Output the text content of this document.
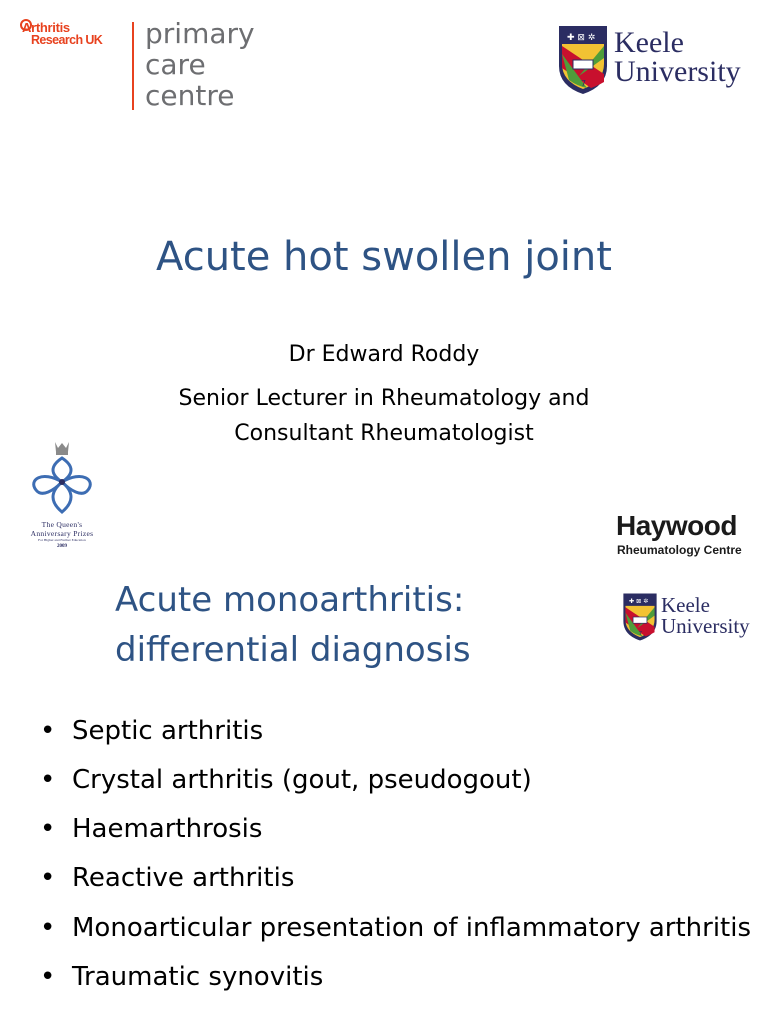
Arthritis
Research UK primary
care
centre
✚ ⊠ ✲
7
Keele
University
Acute hot swollen joint
Dr Edward Roddy
Senior Lecturer in Rheumatology and
Consultant Rheumatologist
The Queen's
Anniversary Prizes
For Higher and Further Education
2009
Haywood
Rheumatology Centre
Acute monoarthritis:
differential diagnosis
✚ ⊠ ✲
7
Keele
University
• Septic arthritis
• Crystal arthritis (gout, pseudogout)
• Haemarthrosis
• Reactive arthritis
• Monoarticular presentation of inflammatory arthritis
• Traumatic synovitis
